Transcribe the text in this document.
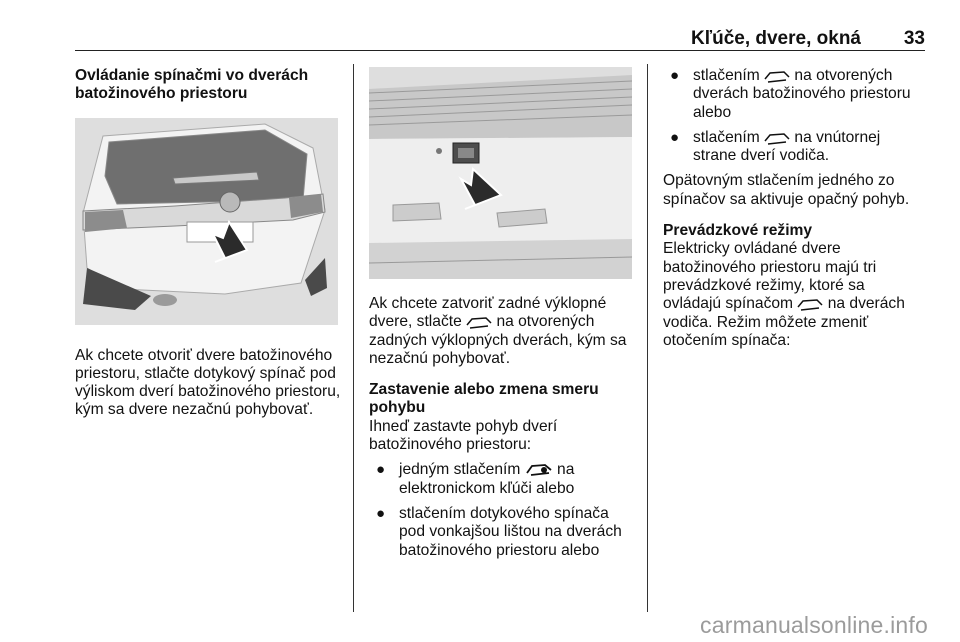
Kľúče, dvere, okná 33

Ovládanie spínačmi vo dverách batožinového priestoru

Ak chcete otvoriť dvere batožinového priestoru, stlačte dotykový spínač pod výliskom dverí batožinového priestoru, kým sa dvere nezačnú pohybovať.

Ak chcete zatvoriť zadné výklopné dvere, stlačte na otvorených zadných výklopných dverách, kým sa nezačnú pohybovať.

Zastavenie alebo zmena smeru pohybu

Ihneď zastavte pohyb dverí batožinového priestoru:

● jedným stlačením na elektronickom kľúči alebo
● stlačením dotykového spínača pod vonkajšou lištou na dverách batožinového priestoru alebo
● stlačením na otvorených dverách batožinového priestoru alebo
● stlačením na vnútornej strane dverí vodiča.

Opätovným stlačením jedného zo spínačov sa aktivuje opačný pohyb.

Prevádzkové režimy

Elektricky ovládané dvere batožinového priestoru majú tri prevádzkové režimy, ktoré sa ovládajú spínačom na dverách vodiča. Režim môžete zmeniť otočením spínača:

carmanualsonline.info
